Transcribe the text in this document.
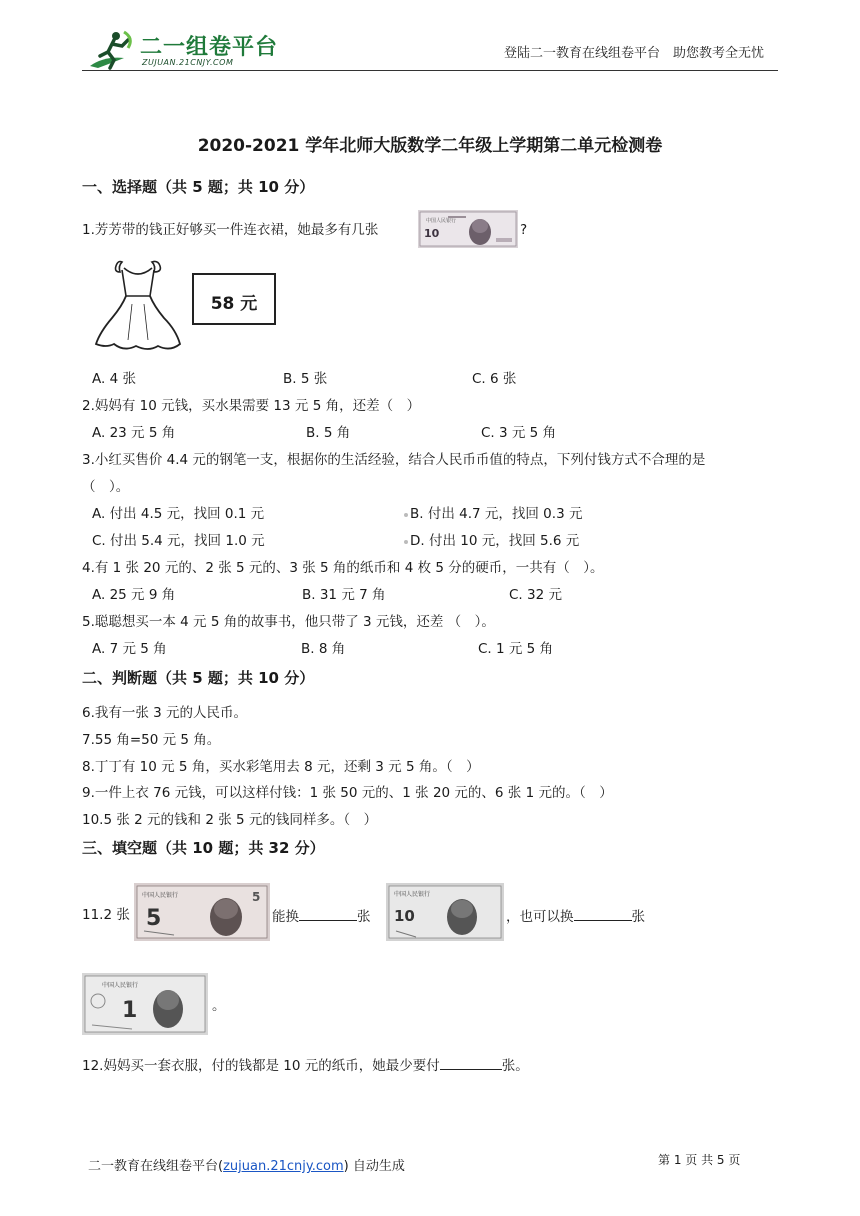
二一组卷平台
ZUJUAN.21CNJY.COM
登陆二一教育在线组卷平台　助您教考全无忧
2020-2021 学年北师大版数学二年级上学期第二单元检测卷
一、选择题（共 5 题；共 10 分）
1.芳芳带的钱正好够买一件连衣裙，她最多有几张
中国人民银行
10	?
58 元
A. 4 张	B. 5 张	C. 6 张
2.妈妈有 10 元钱，买水果需要 13 元 5 角，还差（　）
A. 23 元 5 角	B. 5 角	C. 3 元 5 角
3.小红买售价 4.4 元的钢笔一支，根据你的生活经验，结合人民币币值的特点，下列付钱方式不合理的是
（　）。
A. 付出 4.5 元，找回 0.1 元	B. 付出 4.7 元，找回 0.3 元
C. 付出 5.4 元，找回 1.0 元	D. 付出 10 元，找回 5.6 元
4.有 1 张 20 元的、2 张 5 元的、3 张 5 角的纸币和 4 枚 5 分的硬币，一共有（　）。
A. 25 元 9 角	B. 31 元 7 角	C. 32 元
5.聪聪想买一本 4 元 5 角的故事书，他只带了 3 元钱，还差 （　）。
A. 7 元 5 角	B. 8 角	C. 1 元 5 角
二、判断题（共 5 题；共 10 分）
6.我有一张 3 元的人民币。
7.55 角=50 元 5 角。
8.丁丁有 10 元 5 角，买水彩笔用去 8 元，还剩 3 元 5 角。（　）
9.一件上衣 76 元钱，可以这样付钱：1 张 50 元的、1 张 20 元的、6 张 1 元的。（　）
10.5 张 2 元的钱和 2 张 5 元的钱同样多。（　）
三、填空题（共 10 题；共 32 分）
11.2 张
中国人民银行
5
5
能换	张
中国人民银行
10	，也可以换	张
中国人民银行
1	。
12.妈妈买一套衣服，付的钱都是 10 元的纸币，她最少要付	张。
二一教育在线组卷平台(zujuan.21cnjy.com) 自动生成	第 1 页 共 5 页
